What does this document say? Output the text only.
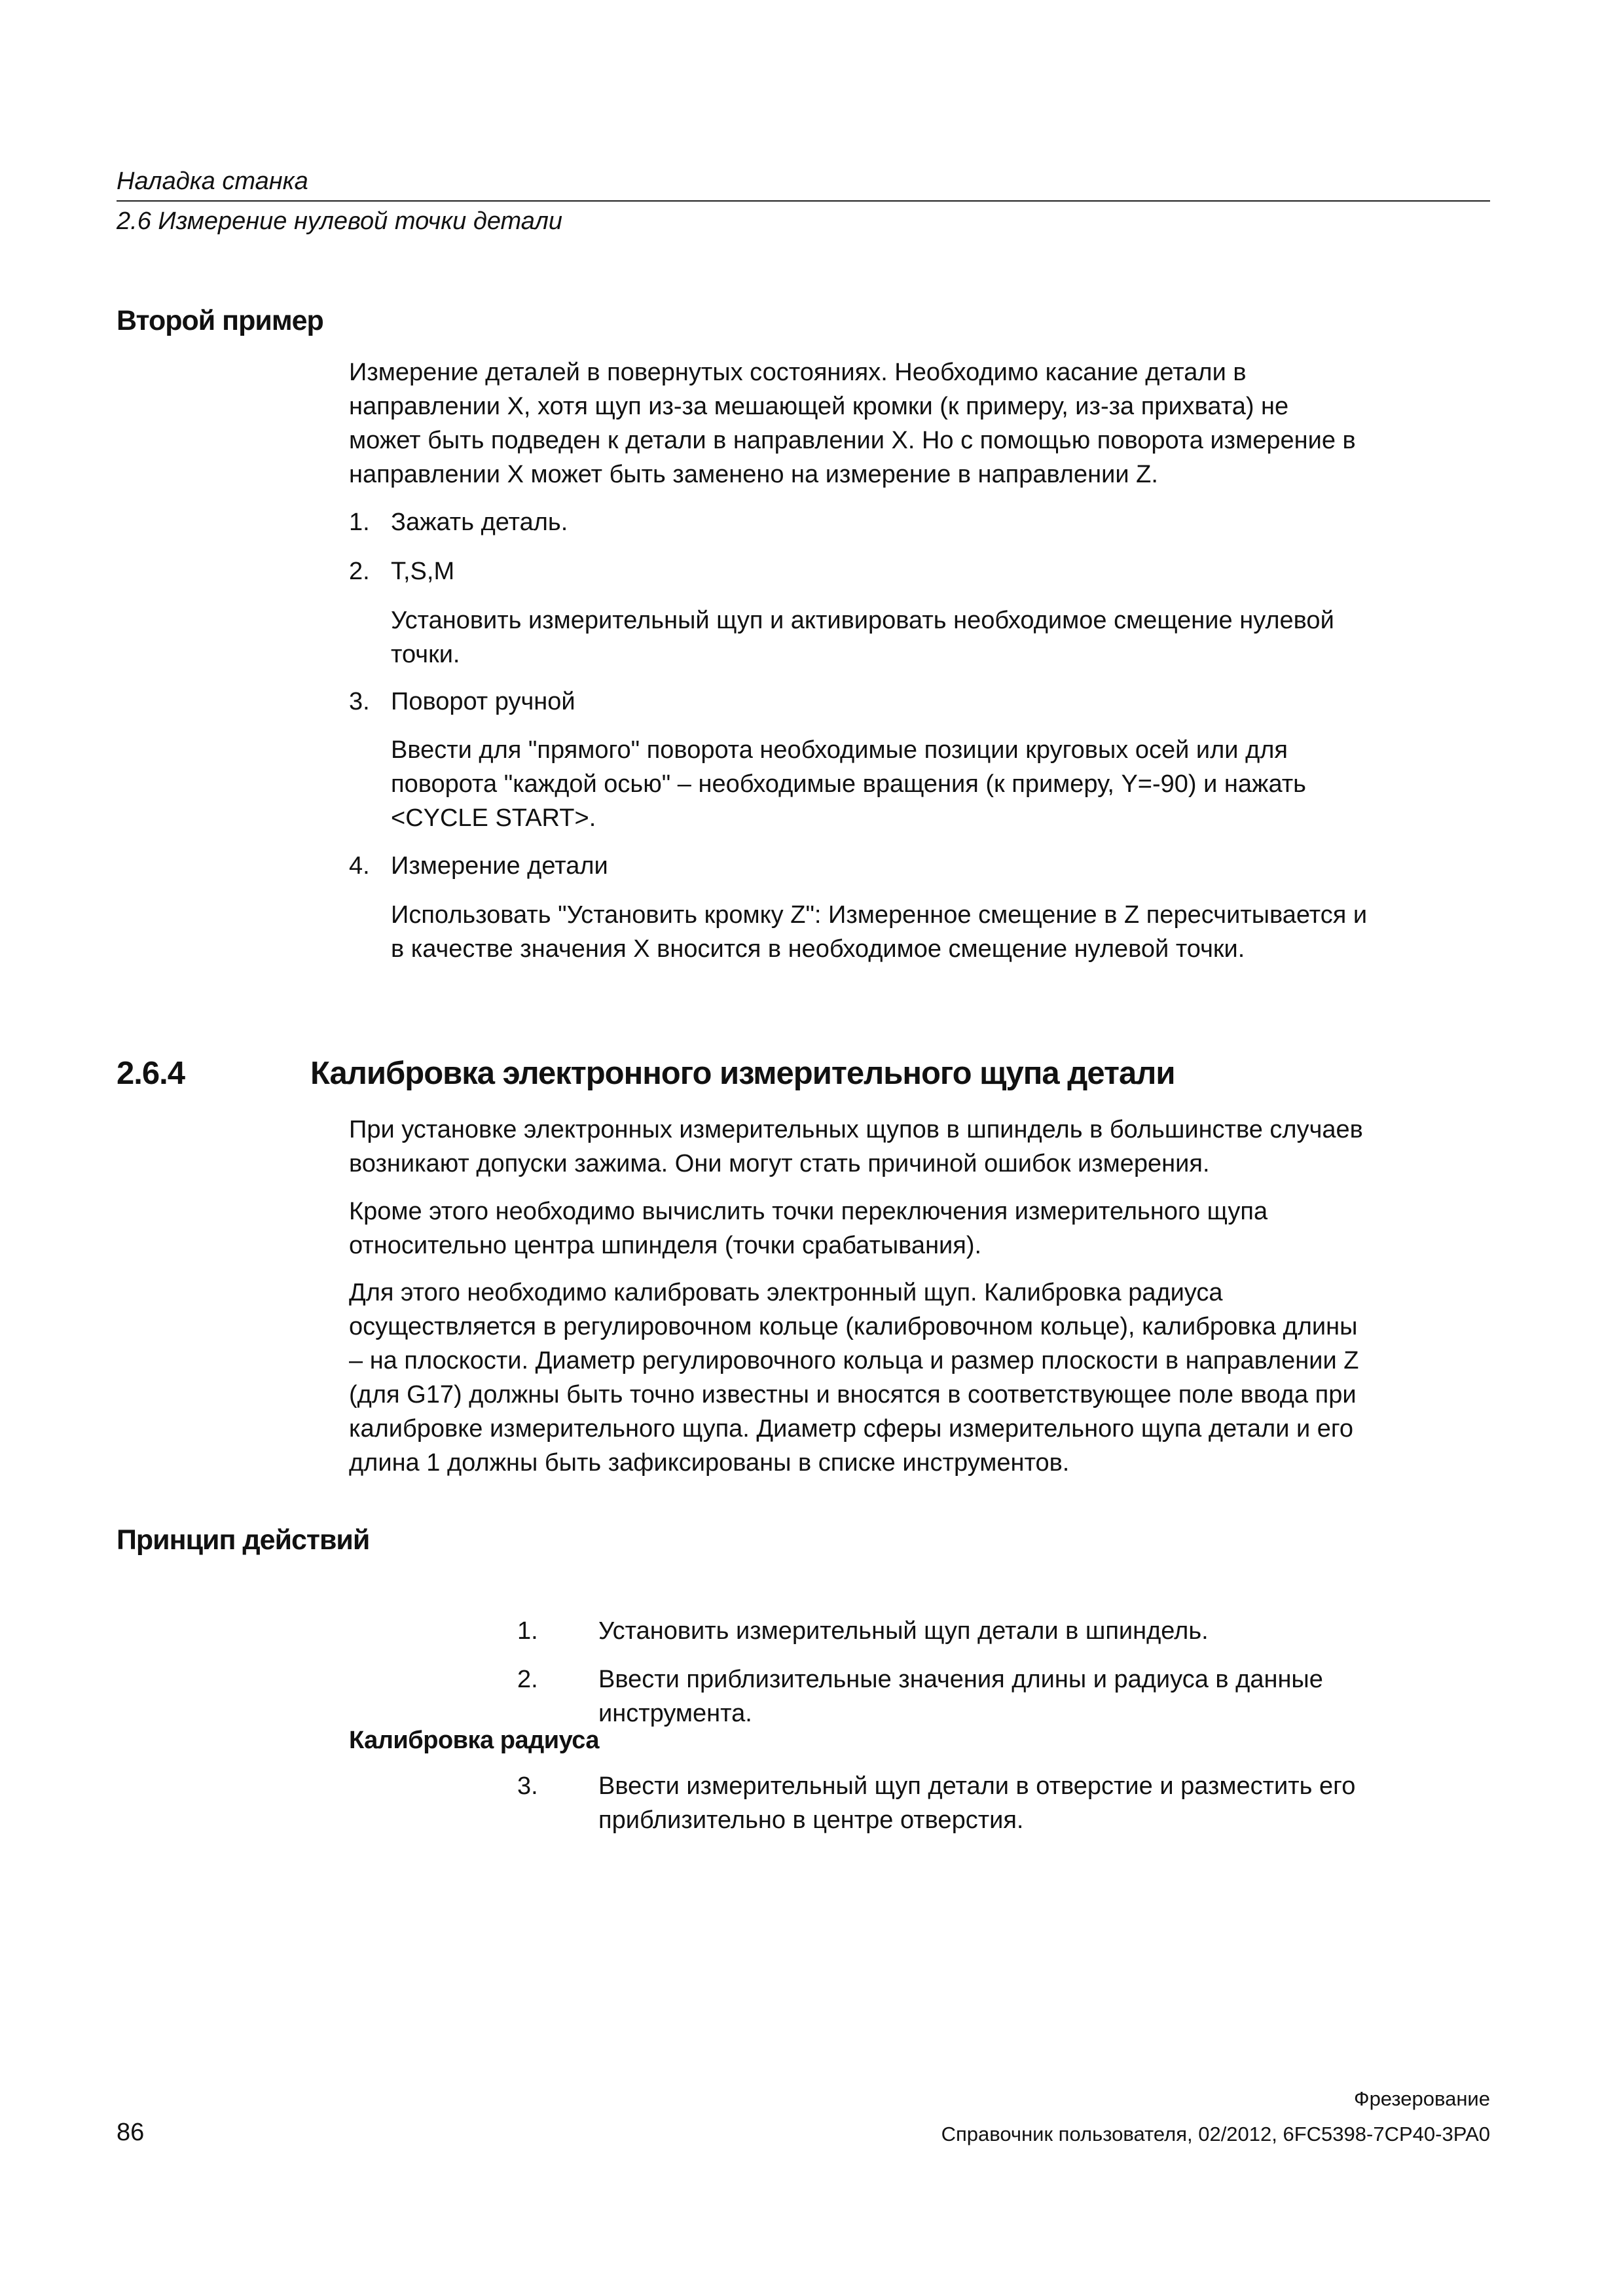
Наладка станка
2.6 Измерение нулевой точки детали
Второй пример
Измерение деталей в повернутых состояниях. Необходимо касание детали в
направлении X, хотя щуп из-за мешающей кромки (к примеру, из-за прихвата) не
может быть подведен к детали в направлении X. Но с помощью поворота измерение в
направлении X может быть заменено на измерение в направлении Z.
1. Зажать деталь.
2. T,S,M
Установить измерительный щуп и активировать необходимое смещение нулевой
точки.
3. Поворот ручной
Ввести для "прямого" поворота необходимые позиции круговых осей или для
поворота "каждой осью" – необходимые вращения (к примеру, Y=-90) и нажать
<CYCLE START>.
4. Измерение детали
Использовать "Установить кромку Z": Измеренное смещение в Z пересчитывается и
в качестве значения X вносится в необходимое смещение нулевой точки.
2.6.4	Калибровка электронного измерительного щупа детали
При установке электронных измерительных щупов в шпиндель в большинстве случаев
возникают допуски зажима. Они могут стать причиной ошибок измерения.
Кроме этого необходимо вычислить точки переключения измерительного щупа
относительно центра шпинделя (точки срабатывания).
Для этого необходимо калибровать электронный щуп. Калибровка радиуса
осуществляется в регулировочном кольце (калибровочном кольце), калибровка длины
– на плоскости. Диаметр регулировочного кольца и размер плоскости в направлении Z
(для G17) должны быть точно известны и вносятся в соответствующее поле ввода при
калибровке измерительного щупа. Диаметр сферы измерительного щупа детали и его
длина 1 должны быть зафиксированы в списке инструментов.
Принцип действий
1. Установить измерительный щуп детали в шпиндель.
2. Ввести приблизительные значения длины и радиуса в данные
инструмента.
Калибровка радиуса
3. Ввести измерительный щуп детали в отверстие и разместить его
приблизительно в центре отверстия.
Фрезерование
86	Справочник пользователя, 02/2012, 6FC5398-7CP40-3PA0
